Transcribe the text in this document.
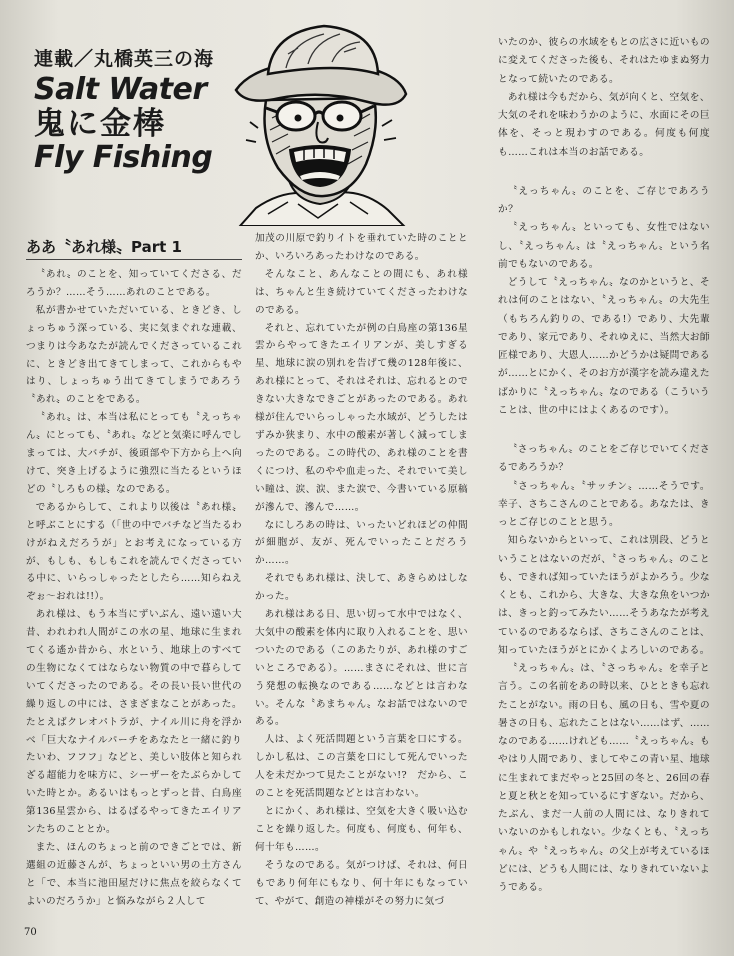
連載／丸橋英三の海
Salt Water
鬼に金棒
Fly Fishing
ああ〝あれ様〟Part 1

〝あれ〟のことを、知っていてくださる、だろうか？……そう……あれのことである。

私が書かせていただいている、ときどき、しょっちゅう深っている、実に気まぐれな連載、つまりは今あなたが読んでくださっているこれに、ときどき出てきてしまって、これからもやはり、しょっちゅう出てきてしまうであろう〝あれ〟のことをである。

〝あれ〟は、本当は私にとっても〝えっちゃん〟にとっても、〝あれ〟などと気楽に呼んでしまっては、大バチが、後頭部や下方から上へ向けて、突き上げるように強烈に当たるというほどの〝しろもの様〟なのである。

であるからして、これより以後は〝あれ様〟と呼ぶことにする（「世の中でバチなど当たるわけがねえだろうが」とお考えになっている方が、もしも、もしもこれを読んでくださっている中に、いらっしゃったとしたら……知らねえぞぉ〜おれは!!）。

あれ様は、もう本当にずいぶん、遠い遠い大昔、われわれ人間がこの水の星、地球に生まれてくる遙か昔から、水という、地球上のすべての生物になくてはならない物質の中で暮らしていてくださったのである。その長い長い世代の繰り返しの中には、さまざまなことがあった。たとえばクレオパトラが、ナイル川に舟を浮かべ「巨大なナイルパーチをあなたと一緒に釣りたいわ、フフフ」などと、美しい肢体と知られざる超能力を味方に、シーザーをたぶらかしていた時とか。あるいはもっとずっと昔、白鳥座第136星雲から、はるばるやってきたエイリアンたちのこととか。

また、ほんのちょっと前のできごとでは、新選組の近藤さんが、ちょっといい男の土方さんと「で、本当に池田屋だけに焦点を絞らなくてよいのだろうか」と悩みながら２人して

加茂の川原で釣りイトを垂れていた時のこととか、いろいろあったわけなのである。

そんなこと、あんなことの間にも、あれ様は、ちゃんと生き続けていてくださったわけなのである。

それと、忘れていたが例の白鳥座の第136星雲からやってきたエイリアンが、美しすぎる星、地球に涙の別れを告げて幾の128年後に、あれ様にとって、それはそれは、忘れるとのできない大きなできごとがあったのである。あれ様が住んでいらっしゃった水域が、どうしたはずみか狭まり、水中の酸素が著しく減ってしまったのである。この時代の、あれ様のことを書くにつけ、私のやや血走った、それでいて美しい瞳は、涙、涙、また涙で、今書いている原稿が滲んで、滲んで……。

なにしろあの時は、いったいどれほどの仲間が細胞が、友が、死んでいったことだろうか……。

それでもあれ様は、決して、あきらめはしなかった。

あれ様はある日、思い切って水中ではなく、大気中の酸素を体内に取り入れることを、思いついたのである（このあたりが、あれ様のすごいところである）。……まさにそれは、世に言う発想の転換なのである……などとは言わない。そんな〝あまちゃん〟なお話ではないのである。

人は、よく死活問題という言葉を口にする。しかし私は、この言葉を口にして死んでいった人を未だかつて見たことがない!?　だから、このことを死活問題などとは言わない。

とにかく、あれ様は、空気を大きく吸い込むことを繰り返した。何度も、何度も、何年も、何十年も……。

そうなのである。気がつけば、それは、何日もであり何年にもなり、何十年にもなっていて、やがて、創造の神様がその努力に気づ

いたのか、彼らの水域をもとの広さに近いものに変えてくださった後も、それはたゆまぬ努力となって続いたのである。

あれ様は今もだから、気が向くと、空気を、大気のそれを味わうかのように、水面にその巨体を、そっと現わすのである。何度も何度も……これは本当のお話である。

〝えっちゃん〟のことを、ご存じであろうか？

〝えっちゃん〟といっても、女性ではないし、〝えっちゃん〟は〝えっちゃん〟という名前でもないのである。

どうして〝えっちゃん〟なのかというと、それは何のことはない、〝えっちゃん〟の大先生（もちろん釣りの、である!）であり、大先輩であり、家元であり、それゆえに、当然大お師匠様であり、大恩人……かどうかは疑問であるが……とにかく、そのお方が漢字を読み違えたばかりに〝えっちゃん〟なのである（こういうことは、世の中にはよくあるのです）。

〝さっちゃん〟のことをご存じでいてくださるであろうか？

〝さっちゃん〟〝サッチン〟……そうです。幸子、さちこさんのことである。あなたは、きっとご存じのことと思う。

知らないからといって、これは別段、どうということはないのだが、〝さっちゃん〟のことも、できれば知っていたほうがよかろう。少なくとも、これから、大きな、大きな魚をいつかは、きっと釣ってみたい……そうあなたが考えているのであるならば、さちこさんのことは、知っていたほうがとにかくよろしいのである。

〝えっちゃん〟は、〝さっちゃん〟を幸子と言う。この名前をあの時以来、ひとときも忘れたことがない。雨の日も、風の日も、雪や夏の暑さの日も、忘れたことはない……はず、……なのである……けれども……〝えっちゃん〟もやはり人間であり、ましてやこの青い星、地球に生まれてまだやっと25回の冬と、26回の春と夏と秋とを知っているにすぎない。だから、たぶん、まだ一人前の人間には、なりきれていないのかもしれない。少なくとも、〝えっちゃん〟や〝えっちゃん〟の父上が考えているほどには、どうも人間には、なりきれていないようである。

70
